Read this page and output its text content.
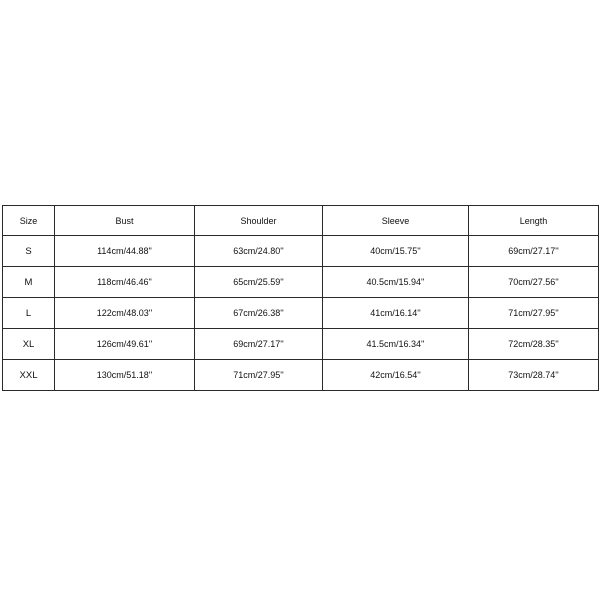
Size	Bust	Shoulder	Sleeve	Length
S	114cm/44.88''	63cm/24.80''	40cm/15.75''	69cm/27.17''
M	118cm/46.46''	65cm/25.59''	40.5cm/15.94''	70cm/27.56''
L	122cm/48.03''	67cm/26.38''	41cm/16.14''	71cm/27.95''
XL	126cm/49.61''	69cm/27.17''	41.5cm/16.34''	72cm/28.35''
XXL	130cm/51.18''	71cm/27.95''	42cm/16.54''	73cm/28.74''
